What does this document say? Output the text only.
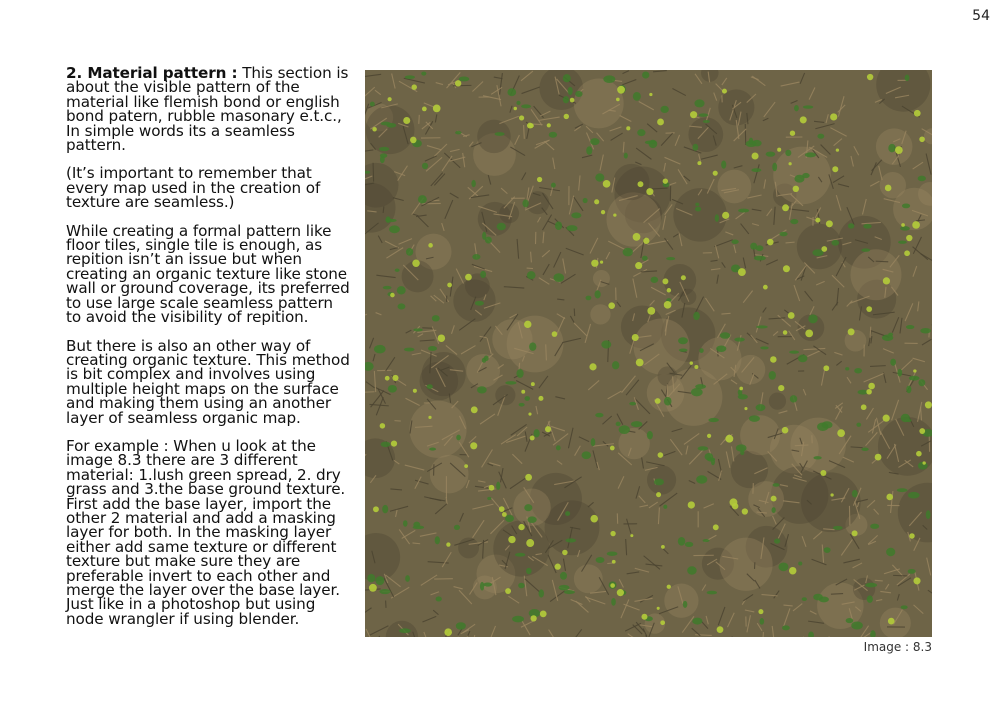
54

2. Material pattern : This section is about the visible pattern of the material like flemish bond or english bond patern, rubble masonary e.t.c., In simple words its a seamless pattern.

(It’s important to remember that every map used in the creation of texture are seamless.)

While creating a formal pattern like floor tiles, single tile is enough, as repition isn’t an issue but when creating an organic texture like stone wall or ground coverage, its preferred to use large scale seamless pattern to avoid the visibility of repition.

But there is also an other way of creating organic texture. This method is bit complex and involves using multiple height maps on the surface and making them using an another layer of seamless organic map.

For example : When u look at the image 8.3 there are 3 different material: 1.lush green spread, 2. dry grass and 3.the base ground texture. First add the base layer, import the other 2 material and add a masking layer for both. In the masking layer either add same texture or different texture but make sure they are preferable invert to each other and merge the layer over the base layer. Just like in a photoshop but using node wrangler if using blender.

Image : 8.3
